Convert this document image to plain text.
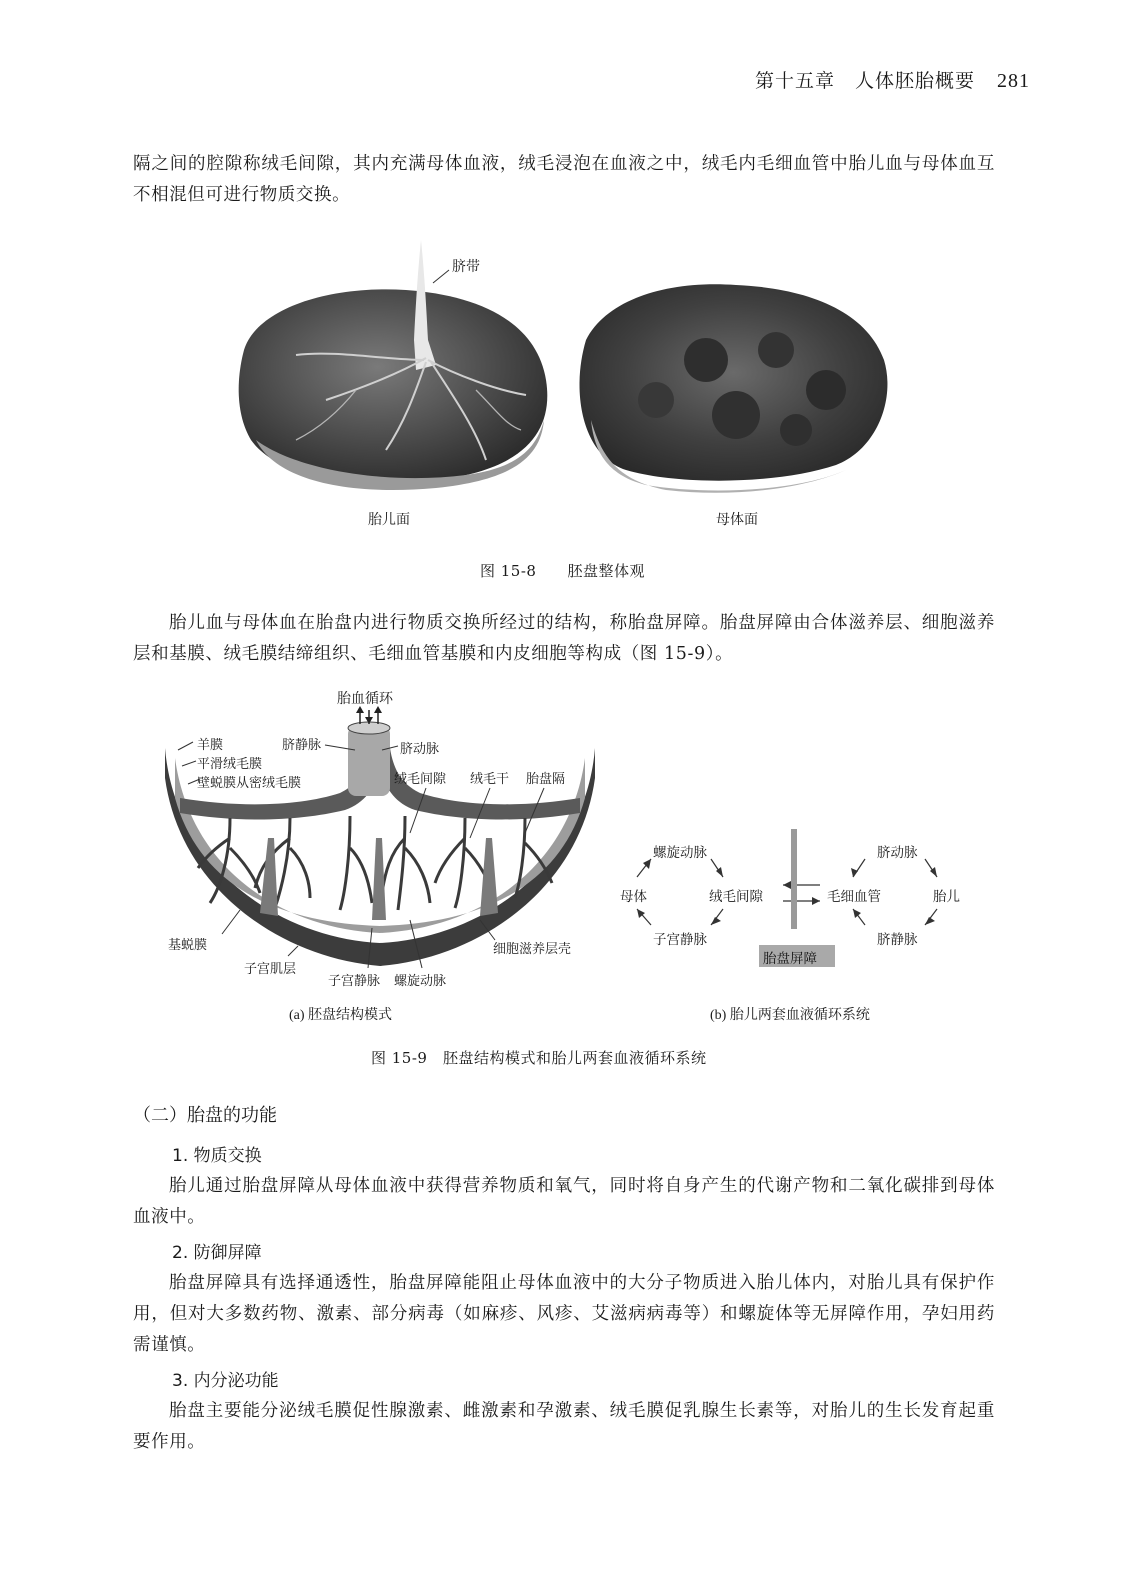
第十五章　人体胚胎概要 281

隔之间的腔隙称绒毛间隙，其内充满母体血液，绒毛浸泡在血液之中，绒毛内毛细血管中胎儿血与母体血互不相混但可进行物质交换。

脐带
胎儿面	母体面
图 15-8　　胚盘整体观

胎儿血与母体血在胎盘内进行物质交换所经过的结构，称胎盘屏障。胎盘屏障由合体滋养层、细胞滋养层和基膜、绒毛膜结缔组织、毛细血管基膜和内皮细胞等构成（图 15-9）。

胎血循环
羊膜
平滑绒毛膜
壁蜕膜从密绒毛膜
脐静脉	脐动脉
绒毛间隙 绒毛干 胎盘隔
基蜕膜
子宫肌层
子宫静脉 螺旋动脉
细胞滋养层壳
(a) 胚盘结构模式
螺旋动脉
母体	绒毛间隙
子宫静脉
脐动脉
毛细血管	胎儿
脐静脉
胎盘屏障
(b) 胎儿两套血液循环系统
图 15-9　胚盘结构模式和胎儿两套血液循环系统
（二）胎盘的功能
1. 物质交换

胎儿通过胎盘屏障从母体血液中获得营养物质和氧气，同时将自身产生的代谢产物和二氧化碳排到母体血液中。

2. 防御屏障

胎盘屏障具有选择通透性，胎盘屏障能阻止母体血液中的大分子物质进入胎儿体内，对胎儿具有保护作用，但对大多数药物、激素、部分病毒（如麻疹、风疹、艾滋病病毒等）和螺旋体等无屏障作用，孕妇用药需谨慎。

3. 内分泌功能

胎盘主要能分泌绒毛膜促性腺激素、雌激素和孕激素、绒毛膜促乳腺生长素等，对胎儿的生长发育起重要作用。
